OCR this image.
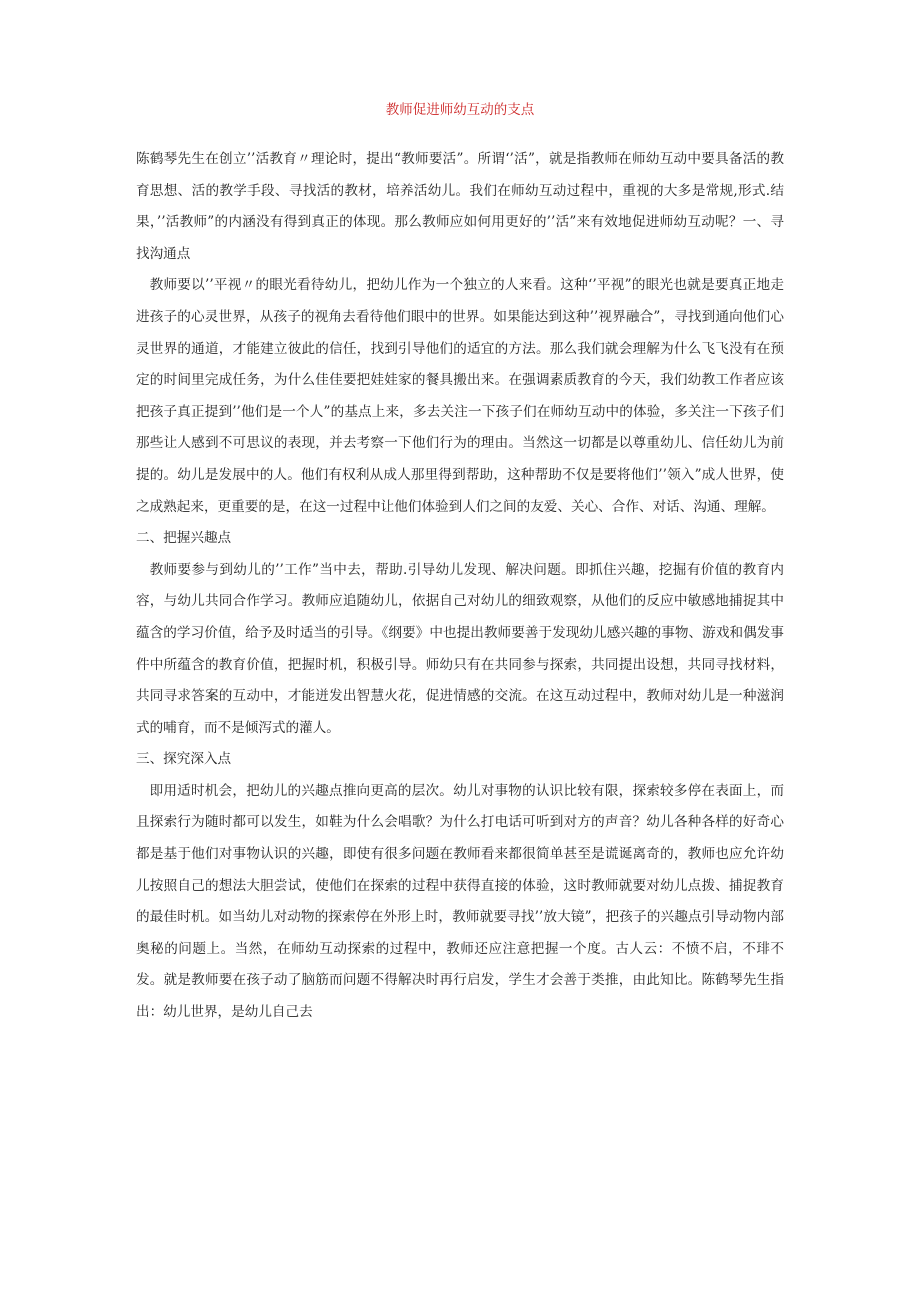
教师促进师幼互动的支点

陈鹤琴先生在创立’’活教育〃理论时，提出“教师要活”。所谓‘’活”，就是指教师在师幼互动中要具备活的教育思想、活的教学手段、寻找活的教材，培养活幼儿。我们在师幼互动过程中，重视的大多是常规,形式.结果，’’活教师”的内涵没有得到真正的体现。那么教师应如何用更好的’’活”来有效地促进师幼互动呢？一、寻找沟通点

教师要以’’平视〃的眼光看待幼儿，把幼儿作为一个独立的人来看。这种‘’平视”的眼光也就是要真正地走进孩子的心灵世界，从孩子的视角去看待他们眼中的世界。如果能达到这种’’视界融合”，寻找到通向他们心灵世界的通道，才能建立彼此的信任，找到引导他们的适宜的方法。那么我们就会理解为什么飞飞没有在预定的时间里完成任务，为什么佳佳要把娃娃家的餐具搬出来。在强调素质教育的今天，我们幼教工作者应该把孩子真正提到’’他们是一个人”的基点上来，多去关注一下孩子们在师幼互动中的体验，多关注一下孩子们那些让人感到不可思议的表现，并去考察一下他们行为的理由。当然这一切都是以尊重幼儿、信任幼儿为前提的。幼儿是发展中的人。他们有权利从成人那里得到帮助，这种帮助不仅是要将他们’’领入”成人世界，使之成熟起来，更重要的是，在这一过程中让他们体验到人们之间的友爱、关心、合作、对话、沟通、理解。

二、把握兴趣点

教师要参与到幼儿的’’工作”当中去，帮助.引导幼儿发现、解决问题。即抓住兴趣，挖掘有价值的教育内容，与幼儿共同合作学习。教师应追随幼儿，依据自己对幼儿的细致观察，从他们的反应中敏感地捕捉其中蕴含的学习价值，给予及时适当的引导。《纲要》中也提出教师要善于发现幼儿感兴趣的事物、游戏和偶发事件中所蕴含的教育价值，把握时机，积极引导。师幼只有在共同参与探索，共同提出设想，共同寻找材料，共同寻求答案的互动中，才能迸发出智慧火花，促进情感的交流。在这互动过程中，教师对幼儿是一种滋润式的哺育，而不是倾泻式的灌人。

三、探究深入点

即用适时机会，把幼儿的兴趣点推向更高的层次。幼儿对事物的认识比较有限，探索较多停在表面上，而且探索行为随时都可以发生，如鞋为什么会唱歌？为什么打电话可听到对方的声音？幼儿各种各样的好奇心都是基于他们对事物认识的兴趣，即使有很多问题在教师看来都很简单甚至是谎诞离奇的，教师也应允许幼儿按照自己的想法大胆尝试，使他们在探索的过程中获得直接的体验，这时教师就要对幼儿点拨、捕捉教育的最佳时机。如当幼儿对动物的探索停在外形上时，教师就要寻找’’放大镜”，把孩子的兴趣点引导动物内部奥秘的问题上。当然，在师幼互动探索的过程中，教师还应注意把握一个度。古人云：不愤不启，不琲不发。就是教师要在孩子动了脑筋而问题不得解决时再行启发，学生才会善于类推，由此知比。陈鹤琴先生指出：幼儿世界，是幼儿自己去
